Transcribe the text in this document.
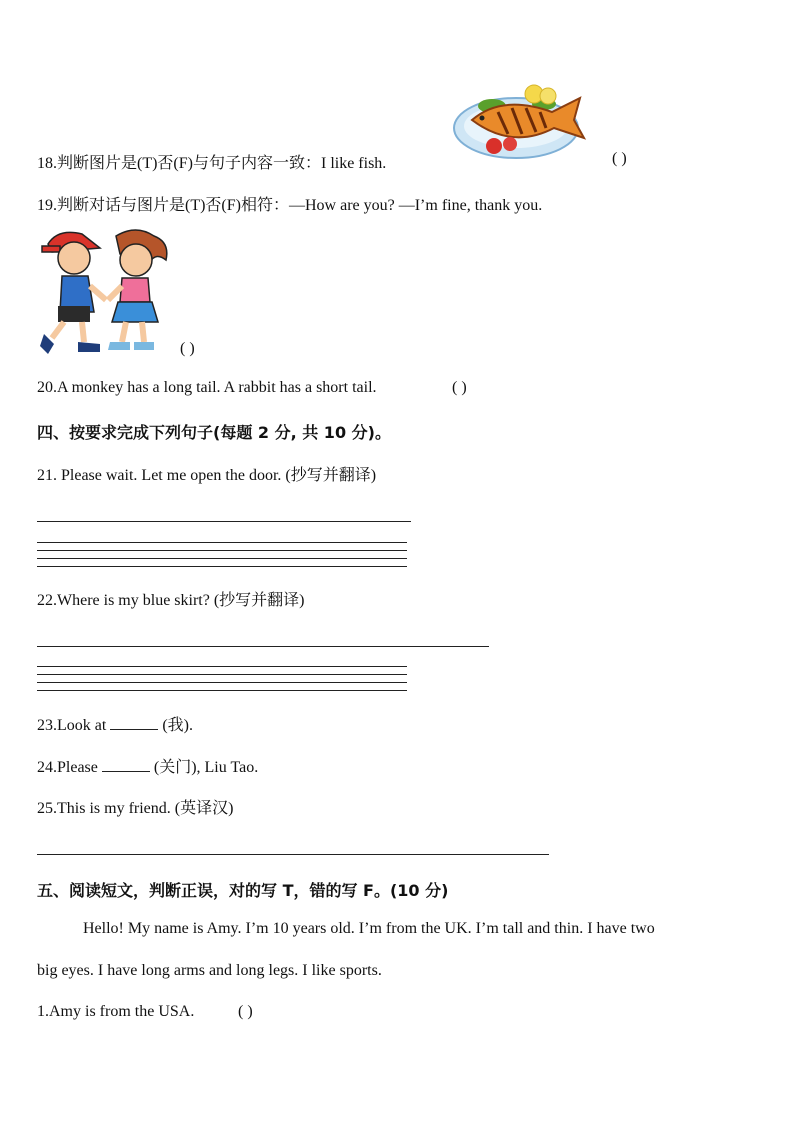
18.判断图片是(T)否(F)与句子内容一致：I like fish.	( )
19.判断对话与图片是(T)否(F)相符：—How are you? —I’m fine, thank you.
( )
20.A monkey has a long tail. A rabbit has a short tail.	( )
四、按要求完成下列句子(每题 2 分, 共 10 分)。
21. Please wait. Let me open the door. (抄写并翻译)
22.Where is my blue skirt? (抄写并翻译)
23.Look at	(我).
24.Please	(关门), Liu Tao.
25.This is my friend. (英译汉)
五、阅读短文，判断正误，对的写 T，错的写 F。(10 分)
Hello! My name is Amy. I’m 10 years old. I’m from the UK. I’m tall and thin. I have two
big eyes. I have long arms and long legs. I like sports.
1.Amy is from the USA.	( )
